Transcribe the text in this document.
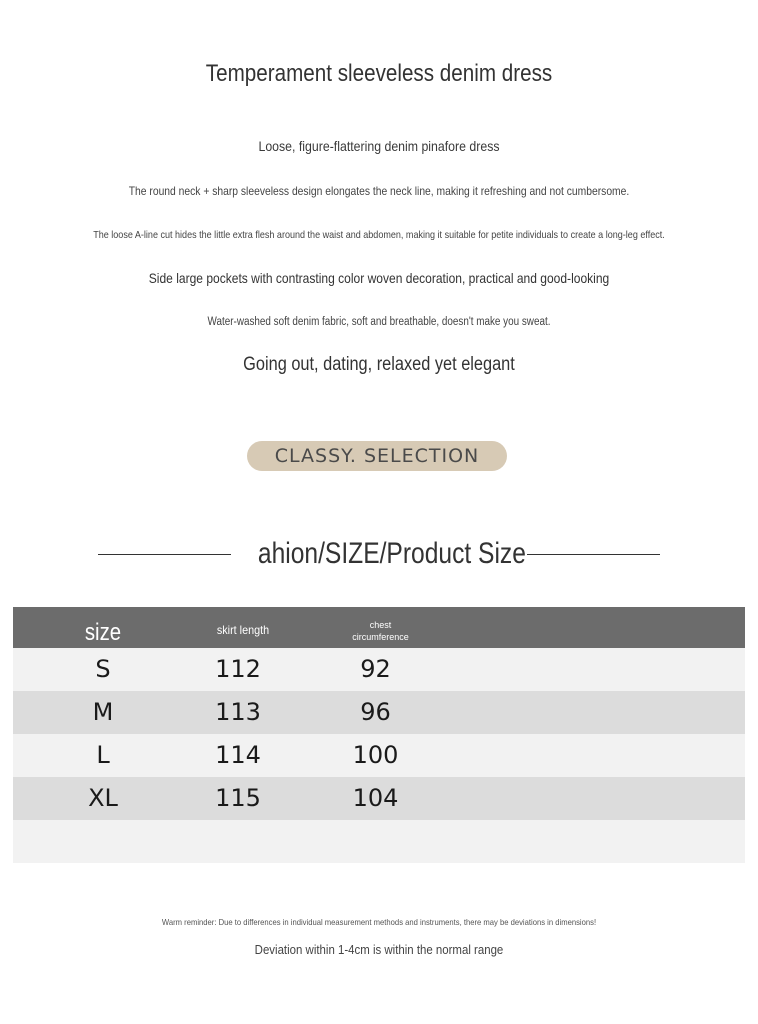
Temperament sleeveless denim dress
Loose, figure-flattering denim pinafore dress
The round neck + sharp sleeveless design elongates the neck line, making it refreshing and not cumbersome.
The loose A-line cut hides the little extra flesh around the waist and abdomen, making it suitable for petite individuals to create a long-leg effect.
Side large pockets with contrasting color woven decoration, practical and good-looking
Water-washed soft denim fabric, soft and breathable, doesn't make you sweat.
Going out, dating, relaxed yet elegant
CLASSY. SELECTION
ahion/SIZE/Product Size
size	skirt length	chest
circumference
S	112	92
M	113	96
L	114	100
XL	115	104
Warm reminder: Due to differences in individual measurement methods and instruments, there may be deviations in dimensions!
Deviation within 1-4cm is within the normal range
